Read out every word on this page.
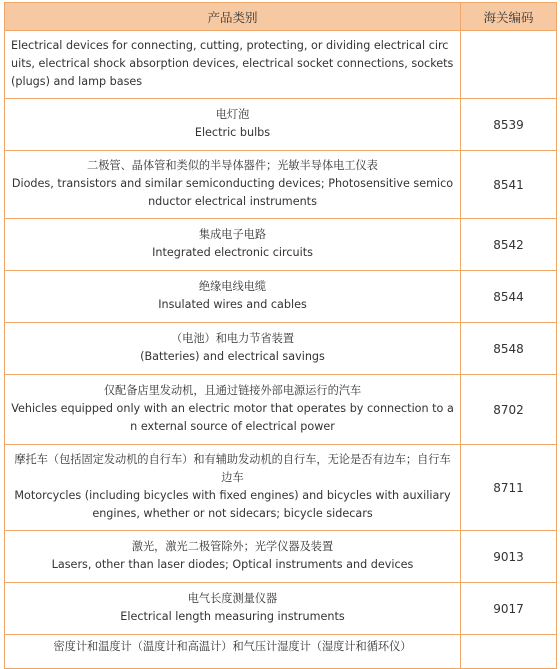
产品类别	海关编码

Electrical devices for connecting, cutting, protecting, or dividing electrical circuits, electrical shock absorption devices, electrical socket connections, sockets (plugs) and lamp bases	

电灯泡
Electric bulbs	8539

二极管、晶体管和类似的半导体器件；光敏半导体电工仪表
Diodes, transistors and similar semiconducting devices; Photosensitive semiconductor electrical instruments	8541

集成电子电路
Integrated electronic circuits	8542

绝缘电线电缆
Insulated wires and cables	8544

（电池）和电力节省装置
(Batteries) and electrical savings	8548

仅配备店里发动机，且通过链接外部电源运行的汽车
Vehicles equipped only with an electric motor that operates by connection to an external source of electrical power	8702

摩托车（包括固定发动机的自行车）和有辅助发动机的自行车，无论是否有边车；自行车边车
Motorcycles (including bicycles with fixed engines) and bicycles with auxiliary engines, whether or not sidecars; bicycle sidecars	8711

激光，激光二极管除外；光学仪器及装置
Lasers, other than laser diodes; Optical instruments and devices	9013

电气长度测量仪器
Electrical length measuring instruments	9017

密度计和温度计（温度计和高温计）和气压计湿度计（湿度计和循环仪）	
